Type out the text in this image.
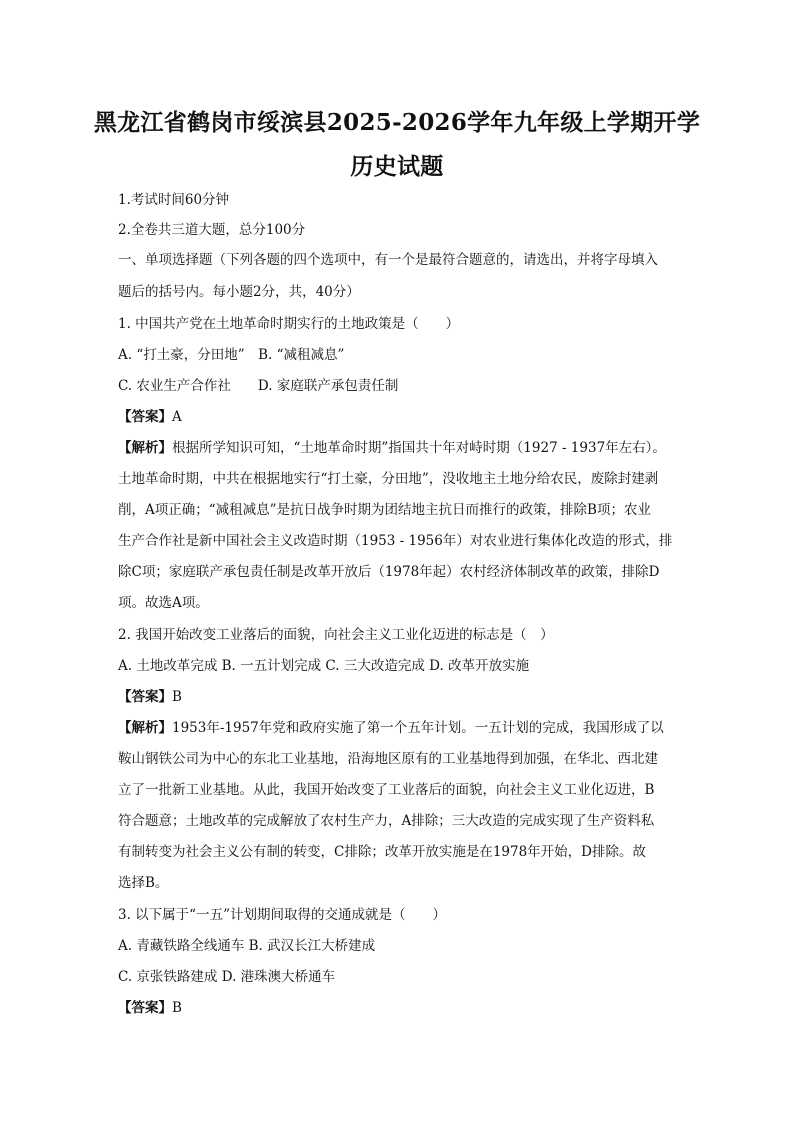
黑龙江省鹤岗市绥滨县2025-2026学年九年级上学期开学
历史试题
1.考试时间60分钟
2.全卷共三道大题，总分100分
一、单项选择题（下列各题的四个选项中，有一个是最符合题意的，请选出，并将字母填入
题后的括号内。每小题2分，共，40分）
1. 中国共产党在土地革命时期实行的土地政策是（　　）
A. “打土豪，分田地”　B. “减租减息”
C. 农业生产合作社　　D. 家庭联产承包责任制
【答案】A
【解析】根据所学知识可知，“土地革命时期”指国共十年对峙时期（1927 - 1937年左右）。
土地革命时期，中共在根据地实行“打土豪，分田地”，没收地主土地分给农民，废除封建剥
削，A项正确；“减租减息”是抗日战争时期为团结地主抗日而推行的政策，排除B项；农业
生产合作社是新中国社会主义改造时期（1953 - 1956年）对农业进行集体化改造的形式，排
除C项；家庭联产承包责任制是改革开放后（1978年起）农村经济体制改革的政策，排除D
项。故选A项。
2. 我国开始改变工业落后的面貌，向社会主义工业化迈进的标志是（　）
A. 土地改革完成 B. 一五计划完成 C. 三大改造完成 D. 改革开放实施
【答案】B
【解析】1953年-1957年党和政府实施了第一个五年计划。一五计划的完成，我国形成了以
鞍山钢铁公司为中心的东北工业基地，沿海地区原有的工业基地得到加强，在华北、西北建
立了一批新工业基地。从此，我国开始改变了工业落后的面貌，向社会主义工业化迈进，B
符合题意；土地改革的完成解放了农村生产力，A排除；三大改造的完成实现了生产资料私
有制转变为社会主义公有制的转变，C排除；改革开放实施是在1978年开始，D排除。故
选择B。
3. 以下属于“一五”计划期间取得的交通成就是（　　）
A. 青藏铁路全线通车 B. 武汉长江大桥建成
C. 京张铁路建成 D. 港珠澳大桥通车
【答案】B
